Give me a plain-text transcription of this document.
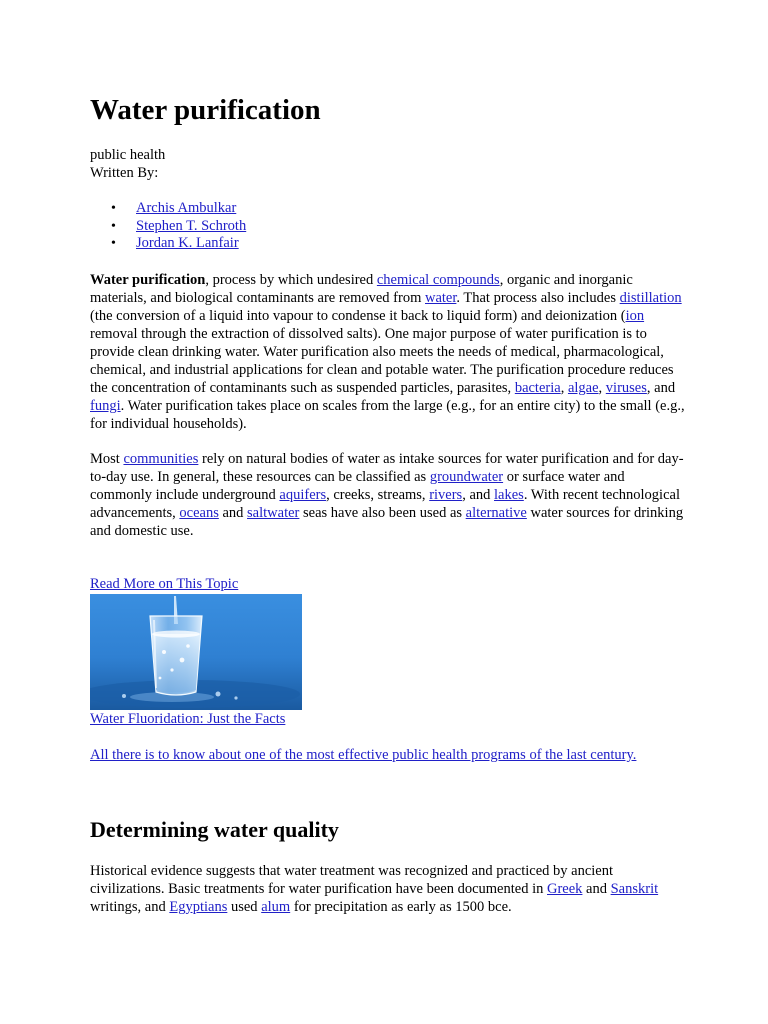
Water purification
public health
Written By:
• Archis Ambulkar
• Stephen T. Schroth
• Jordan K. Lanfair

Water purification, process by which undesired chemical compounds, organic and inorganic materials, and biological contaminants are removed from water. That process also includes distillation (the conversion of a liquid into vapour to condense it back to liquid form) and deionization (ion removal through the extraction of dissolved salts). One major purpose of water purification is to provide clean drinking water. Water purification also meets the needs of medical, pharmacological, chemical, and industrial applications for clean and potable water. The purification procedure reduces the concentration of contaminants such as suspended particles, parasites, bacteria, algae, viruses, and fungi. Water purification takes place on scales from the large (e.g., for an entire city) to the small (e.g., for individual households).

Most communities rely on natural bodies of water as intake sources for water purification and for day-to-day use. In general, these resources can be classified as groundwater or surface water and commonly include underground aquifers, creeks, streams, rivers, and lakes. With recent technological advancements, oceans and saltwater seas have also been used as alternative water sources for drinking and domestic use.

Read More on This Topic
Water Fluoridation: Just the Facts
All there is to know about one of the most effective public health programs of the last century.
Determining water quality

Historical evidence suggests that water treatment was recognized and practiced by ancient civilizations. Basic treatments for water purification have been documented in Greek and Sanskrit writings, and Egyptians used alum for precipitation as early as 1500 bce.
